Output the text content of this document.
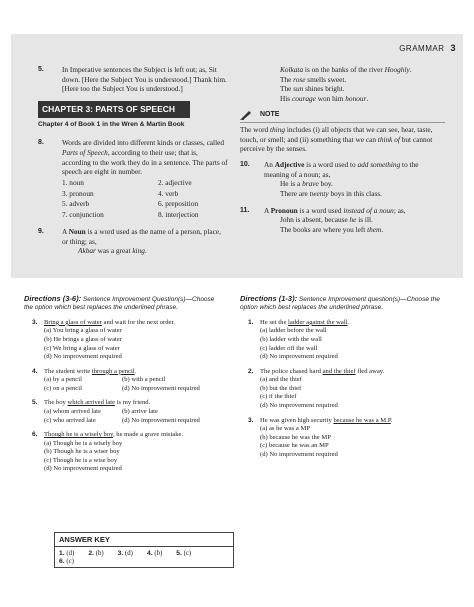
GRAMMAR 3
5. In Imperative sentences the Subject is left out; as, Sit down. [Here the Subject You is understood.] Thank him. [Here too the Subject You is understood.]
CHAPTER 3: PARTS OF SPEECH
Chapter 4 of Book 1 in the Wren & Martin Book
8. Words are divided into different kinds or classes, called Parts of Speech, according to their use; that is, according to the work they do in a sentence. The parts of speech are eight in number.
1. noun	2. adjective
3. pronoun	4. verb
5. adverb	6. preposition
7. conjunction	8. interjection
9. A Noun is a word used as the name of a person, place, or thing; as,
Akbar was a great king.
Kolkata is on the banks of the river Hooghly.
The rose smells sweet.
The sun shines bright.
His courage won him honour.
NOTE
The word thing includes (i) all objects that we can see, hear, taste, touch, or smell; and (ii) something that we can think of but cannot perceive by the senses.
10. An Adjective is a word used to add something to the meaning of a noun; as,
He is a brave boy.
There are twenty boys in this class.
11. A Pronoun is a word used instead of a noun; as,
John is absent, because he is ill.
The books are where you left them.
Directions (3-6): Sentence Improvement Question(s)—Choose the option which best replaces the underlined phrase.
3. Bring a glass of water and wait for the next order.
(a) You bring a glass of water
(b) He brings a glass of water
(c) We bring a glass of water
(d) No improvement required
4. The student write through a pencil.
(a) by a pencil	(b) with a pencil
(c) on a pencil	(d) No improvement required
5. The boy which arrived late is my friend.
(a) whom arrived late	(b) arrive late
(c) who arrived late	(d) No improvement required
6. Though he is a wisely boy, he made a grave mistake.
(a) Though he is a wisely boy
(b) Though he is a wiser boy
(c) Though he is a wise boy
(d) No improvement required
Directions (1-3): Sentence Improvement question(s)—Choose the option which best replaces the underlined phrase.
1. He set the ladder against the wall.
(a) ladder before the wall
(b) ladder with the wall
(c) ladder off the wall
(d) No improvement required
2. The police chased hard and the thief fled away.
(a) and the thief
(b) but the thief
(c) if the thief
(d) No improvement required
3. He was given high security because he was a M.P.
(a) as he was a MP
(b) because he was the MP
(c) because he was an MP
(d) No improvement required
ANSWER KEY
1. (d) 2. (b) 3. (d) 4. (b) 5. (c)
6. (c)
